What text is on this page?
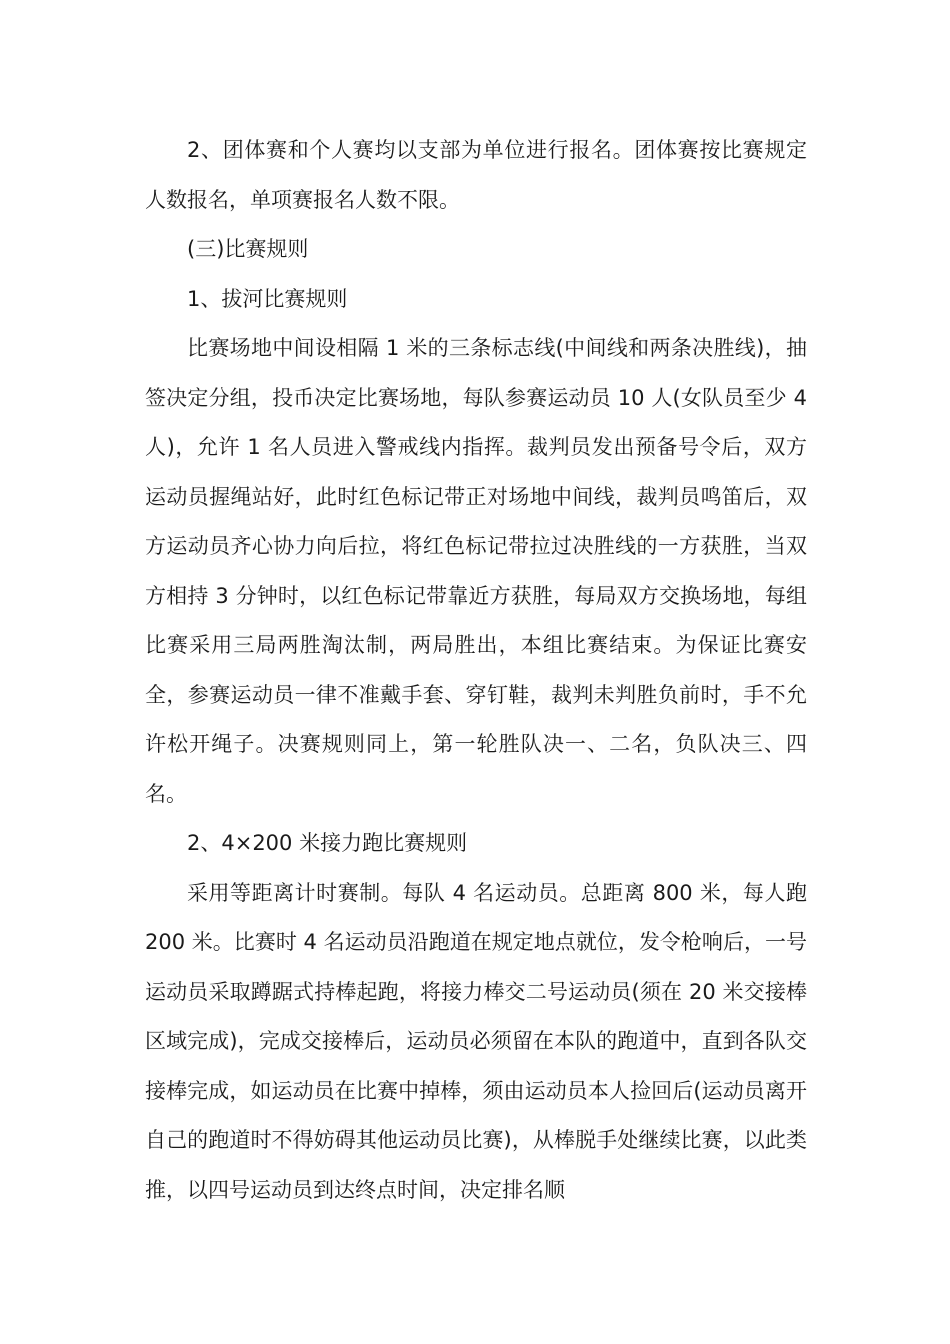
2、团体赛和个人赛均以支部为单位进行报名。团体赛按比赛规定人数报名，单项赛报名人数不限。

(三)比赛规则

1、拔河比赛规则

比赛场地中间设相隔 1 米的三条标志线(中间线和两条决胜线)，抽签决定分组，投币决定比赛场地，每队参赛运动员 10 人(女队员至少 4 人)，允许 1 名人员进入警戒线内指挥。裁判员发出预备号令后，双方运动员握绳站好，此时红色标记带正对场地中间线，裁判员鸣笛后，双方运动员齐心协力向后拉，将红色标记带拉过决胜线的一方获胜，当双方相持 3 分钟时，以红色标记带靠近方获胜，每局双方交换场地，每组比赛采用三局两胜淘汰制，两局胜出，本组比赛结束。为保证比赛安全，参赛运动员一律不准戴手套、穿钉鞋，裁判未判胜负前时，手不允许松开绳子。决赛规则同上，第一轮胜队决一、二名，负队决三、四名。

2、4×200 米接力跑比赛规则

采用等距离计时赛制。每队 4 名运动员。总距离 800 米，每人跑 200 米。比赛时 4 名运动员沿跑道在规定地点就位，发令枪响后，一号运动员采取蹲踞式持棒起跑，将接力棒交二号运动员(须在 20 米交接棒区域完成)，完成交接棒后，运动员必须留在本队的跑道中，直到各队交接棒完成，如运动员在比赛中掉棒，须由运动员本人捡回后(运动员离开自己的跑道时不得妨碍其他运动员比赛)，从棒脱手处继续比赛，以此类推，以四号运动员到达终点时间，决定排名顺
